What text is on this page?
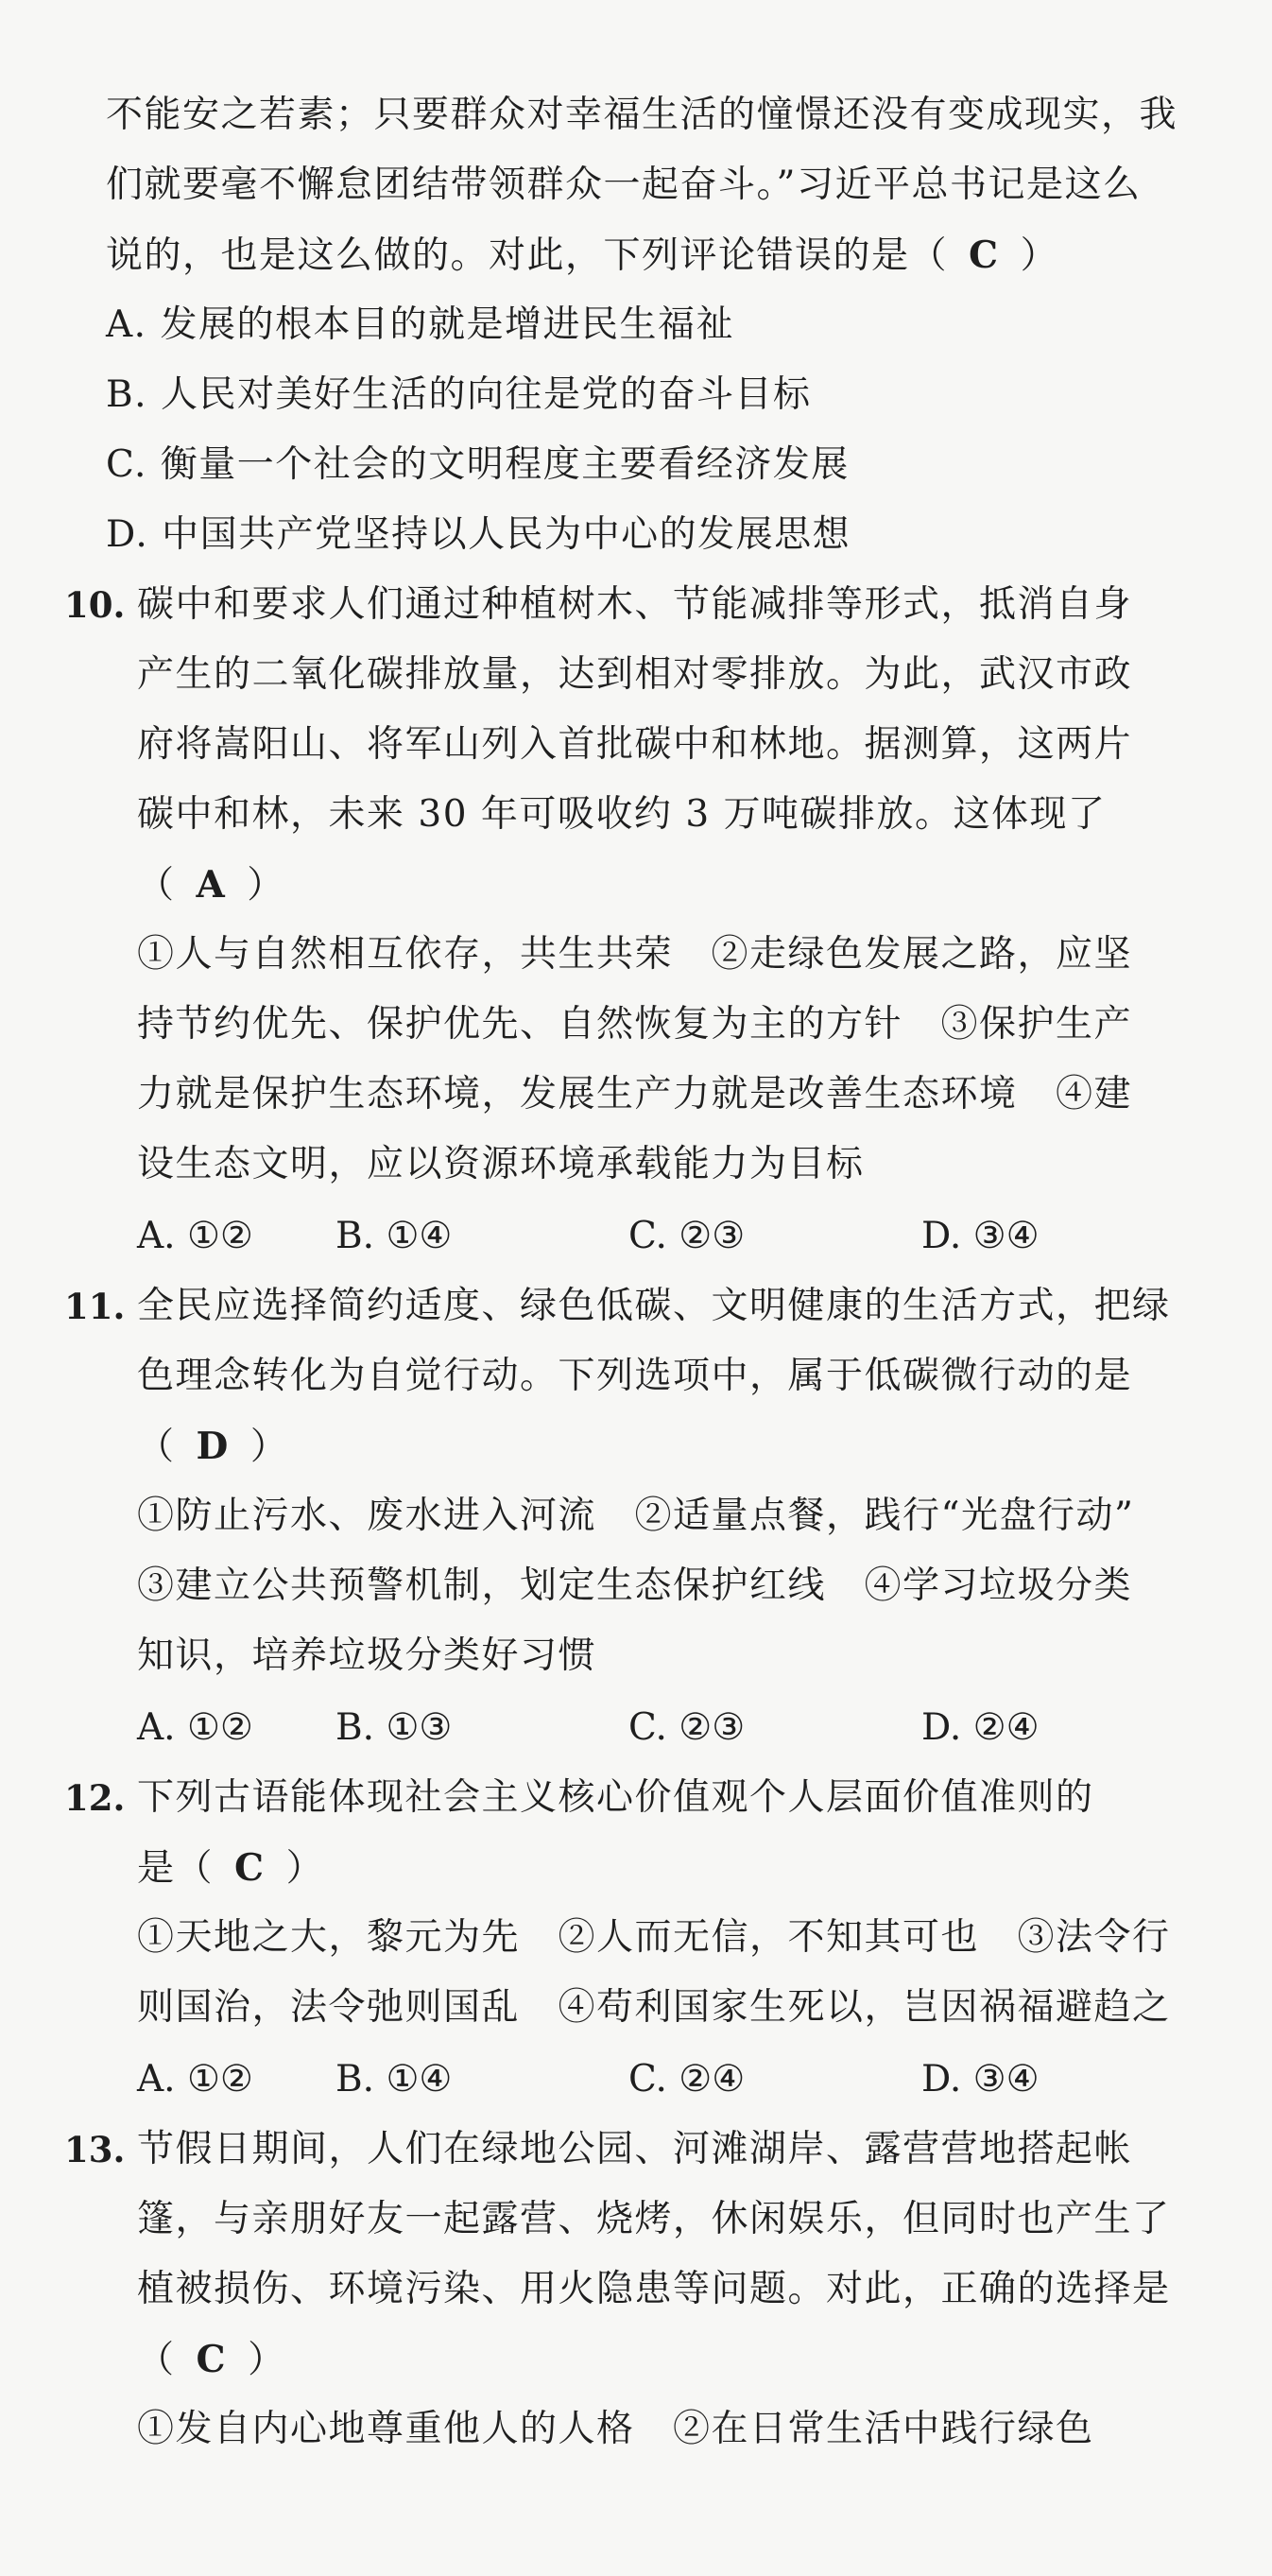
不能安之若素；只要群众对幸福生活的憧憬还没有变成现实，我
们就要毫不懈怠团结带领群众一起奋斗。”习近平总书记是这么
说的，也是这么做的。对此，下列评论错误的是（ C ）
A. 发展的根本目的就是增进民生福祉
B. 人民对美好生活的向往是党的奋斗目标
C. 衡量一个社会的文明程度主要看经济发展
D. 中国共产党坚持以人民为中心的发展思想
10. 碳中和要求人们通过种植树木、节能减排等形式，抵消自身
产生的二氧化碳排放量，达到相对零排放。为此，武汉市政
府将嵩阳山、将军山列入首批碳中和林地。据测算，这两片
碳中和林，未来 30 年可吸收约 3 万吨碳排放。这体现了
（ A ）
①人与自然相互依存，共生共荣　②走绿色发展之路，应坚
持节约优先、保护优先、自然恢复为主的方针　③保护生产
力就是保护生态环境，发展生产力就是改善生态环境　④建
设生态文明，应以资源环境承载能力为目标
A. ①② B. ①④	C. ②③	D. ③④
11. 全民应选择简约适度、绿色低碳、文明健康的生活方式，把绿
色理念转化为自觉行动。下列选项中，属于低碳微行动的是
（ D ）
①防止污水、废水进入河流　②适量点餐，践行“光盘行动”
③建立公共预警机制，划定生态保护红线　④学习垃圾分类
知识，培养垃圾分类好习惯
A. ①② B. ①③	C. ②③	D. ②④
12. 下列古语能体现社会主义核心价值观个人层面价值准则的
是（ C ）
①天地之大，黎元为先　②人而无信，不知其可也　③法令行
则国治，法令弛则国乱　④苟利国家生死以，岂因祸福避趋之
A. ①② B. ①④	C. ②④	D. ③④
13. 节假日期间，人们在绿地公园、河滩湖岸、露营营地搭起帐
篷，与亲朋好友一起露营、烧烤，休闲娱乐，但同时也产生了
植被损伤、环境污染、用火隐患等问题。对此，正确的选择是
（ C ）
①发自内心地尊重他人的人格　②在日常生活中践行绿色
